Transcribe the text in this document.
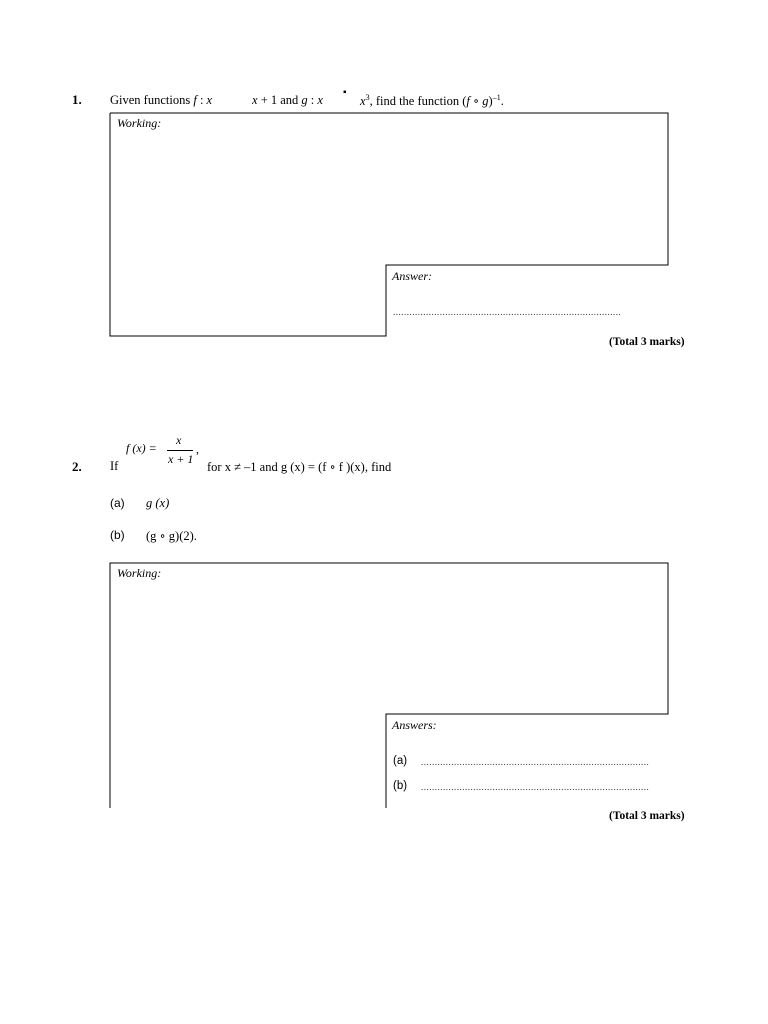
1. Given functions f : x	x + 1 and g : x
▪
$x^3$, find the function (f ∘ g)$^{-1}$.
Working:
Answer:
...................................................................................
(Total 3 marks)
2. If
f (x) =
x
x + 1
,
for x ≠ –1 and g (x) = (f ∘ f )(x), find
(a) g (x)
(b) (g ∘ g)(2).
Working:
Answers:
(a) ...................................................................................
(b) ...................................................................................
(Total 3 marks)
